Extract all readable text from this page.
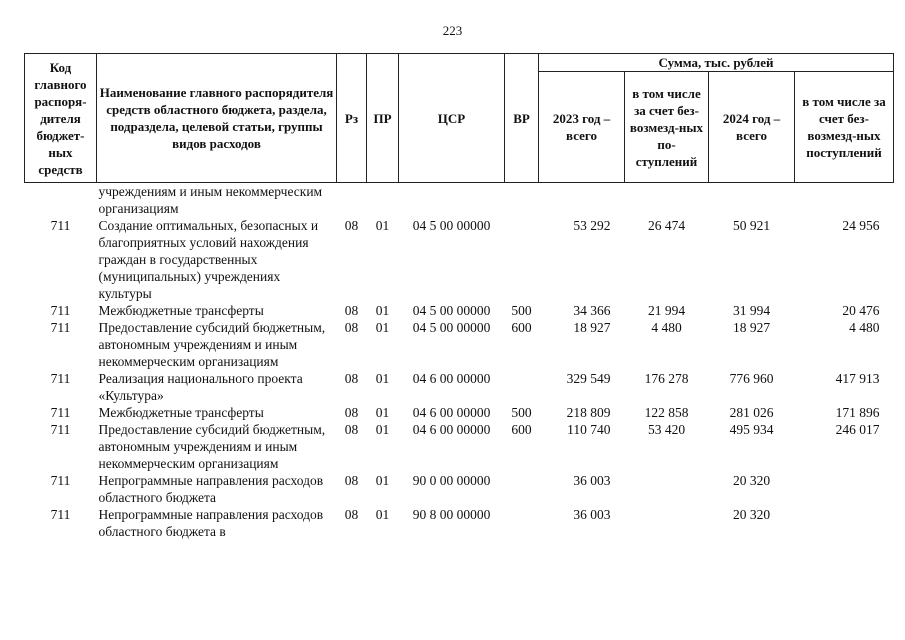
223
Код главного распоря-дителя бюджет-ных средств	Наименование главного распорядителя средств областного бюджета, раздела, подраздела, целевой статьи, группы видов расходов	Рз	ПР	ЦСР	ВР	Сумма, тыс. рублей			
						2023 год – всего	в том числе за счет без-возмезд-ных по-ступлений	2024 год – всего	в том числе за счет без-возмезд-ных поступлений
	учреждениям и иным некоммерческим организациям								
711	Создание оптимальных, безопасных и благоприятных условий нахождения граждан в государственных (муниципальных) учреждениях культуры	08	01	04 5 00 00000		53 292	26 474	50 921	24 956
711	Межбюджетные трансферты	08	01	04 5 00 00000	500	34 366	21 994	31 994	20 476
711	Предоставление субсидий бюджетным, автономным учреждениям и иным некоммерческим организациям	08	01	04 5 00 00000	600	18 927	4 480	18 927	4 480
711	Реализация национального проекта «Культура»	08	01	04 6 00 00000		329 549	176 278	776 960	417 913
711	Межбюджетные трансферты	08	01	04 6 00 00000	500	218 809	122 858	281 026	171 896
711	Предоставление субсидий бюджетным, автономным учреждениям и иным некоммерческим организациям	08	01	04 6 00 00000	600	110 740	53 420	495 934	246 017
711	Непрограммные направления расходов областного бюджета	08	01	90 0 00 00000		36 003		20 320	
711	Непрограммные направления расходов областного бюджета в	08	01	90 8 00 00000		36 003		20 320	
